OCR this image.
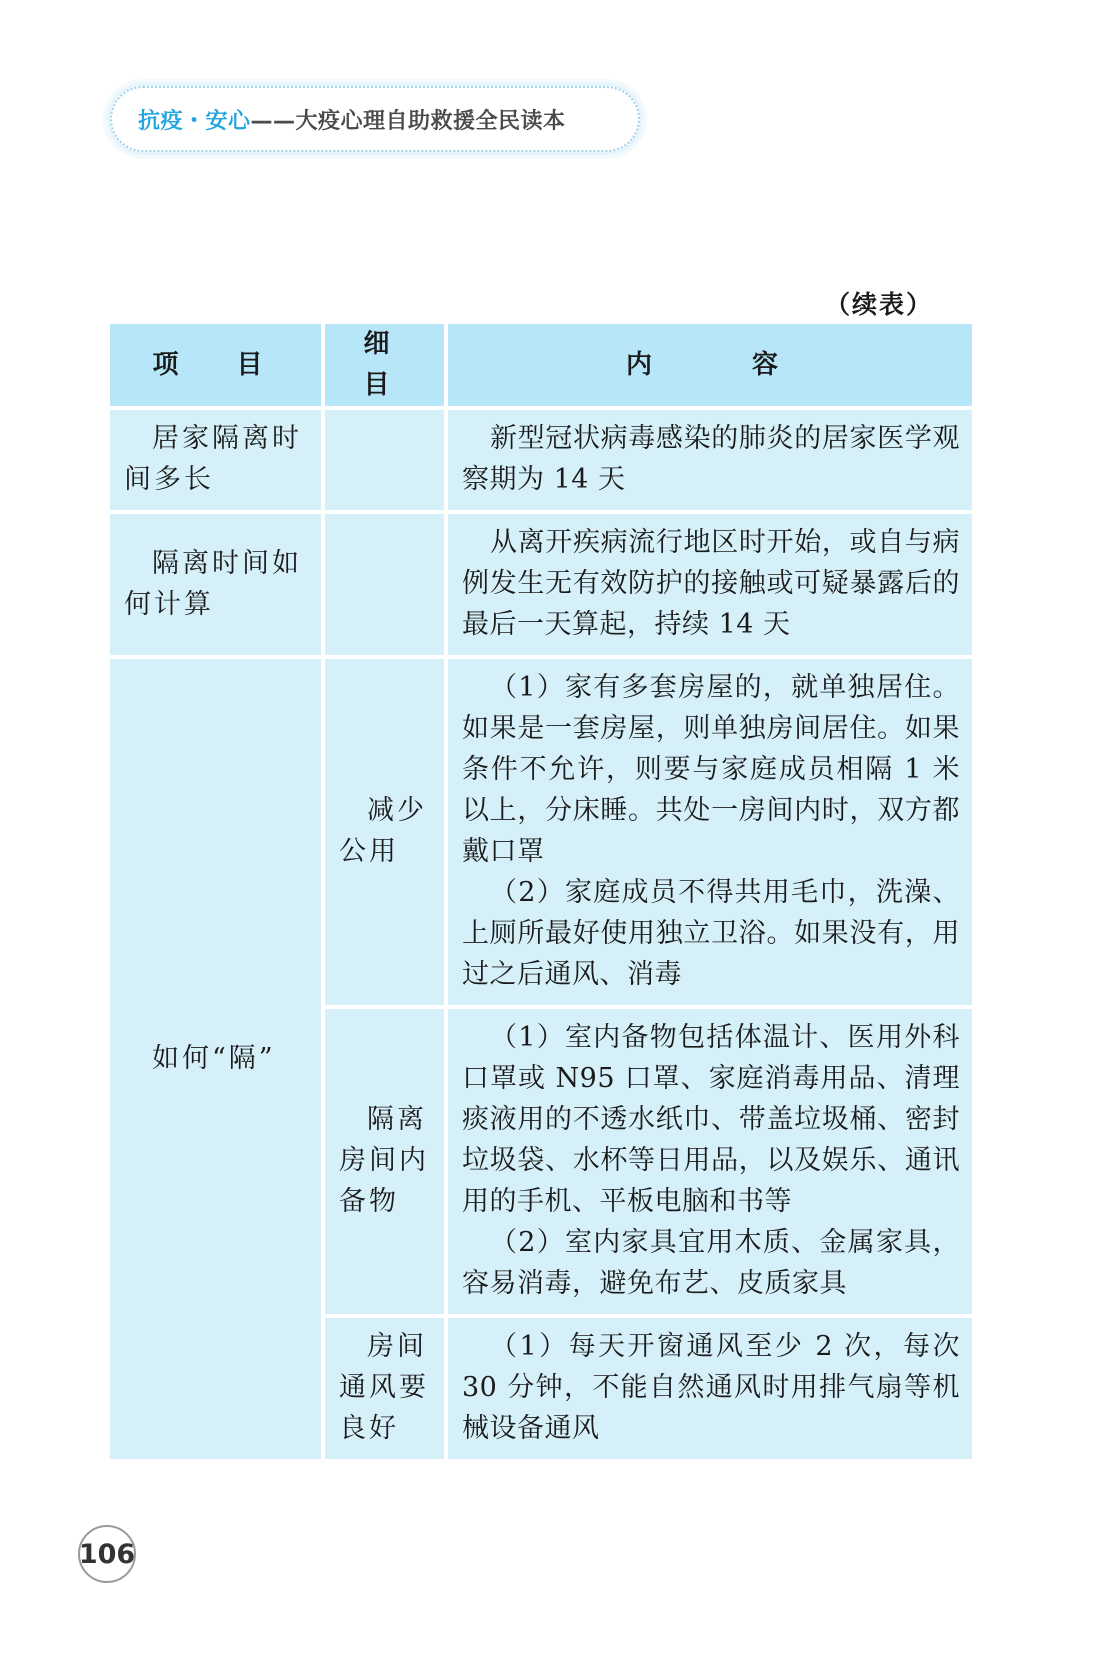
抗疫・安心 ——大疫心理自助救援全民读本
（续表）
项　目	细　目	内　　容

居家隔离时间多长		新型冠状病毒感染的肺炎的居家医学观察期为 14 天

隔离时间如何计算		从离开疾病流行地区时开始，或自与病例发生无有效防护的接触或可疑暴露后的最后一天算起，持续 14 天

如何“隔”	减少公用	（1）家有多套房屋的，就单独居住。如果是一套房屋，则单独房间居住。如果条件不允许，则要与家庭成员相隔 1 米以上，分床睡。共处一房间内时，双方都戴口罩

（2）家庭成员不得共用毛巾，洗澡、上厕所最好使用独立卫浴。如果没有，用过之后通风、消毒

	隔离房间内备物	（1）室内备物包括体温计、医用外科口罩或 N95 口罩、家庭消毒用品、清理痰液用的不透水纸巾、带盖垃圾桶、密封垃圾袋、水杯等日用品，以及娱乐、通讯用的手机、平板电脑和书等

（2）室内家具宜用木质、金属家具，容易消毒，避免布艺、皮质家具

	房间通风要良好	（1）每天开窗通风至少 2 次，每次 30 分钟，不能自然通风时用排气扇等机械设备通风

106
